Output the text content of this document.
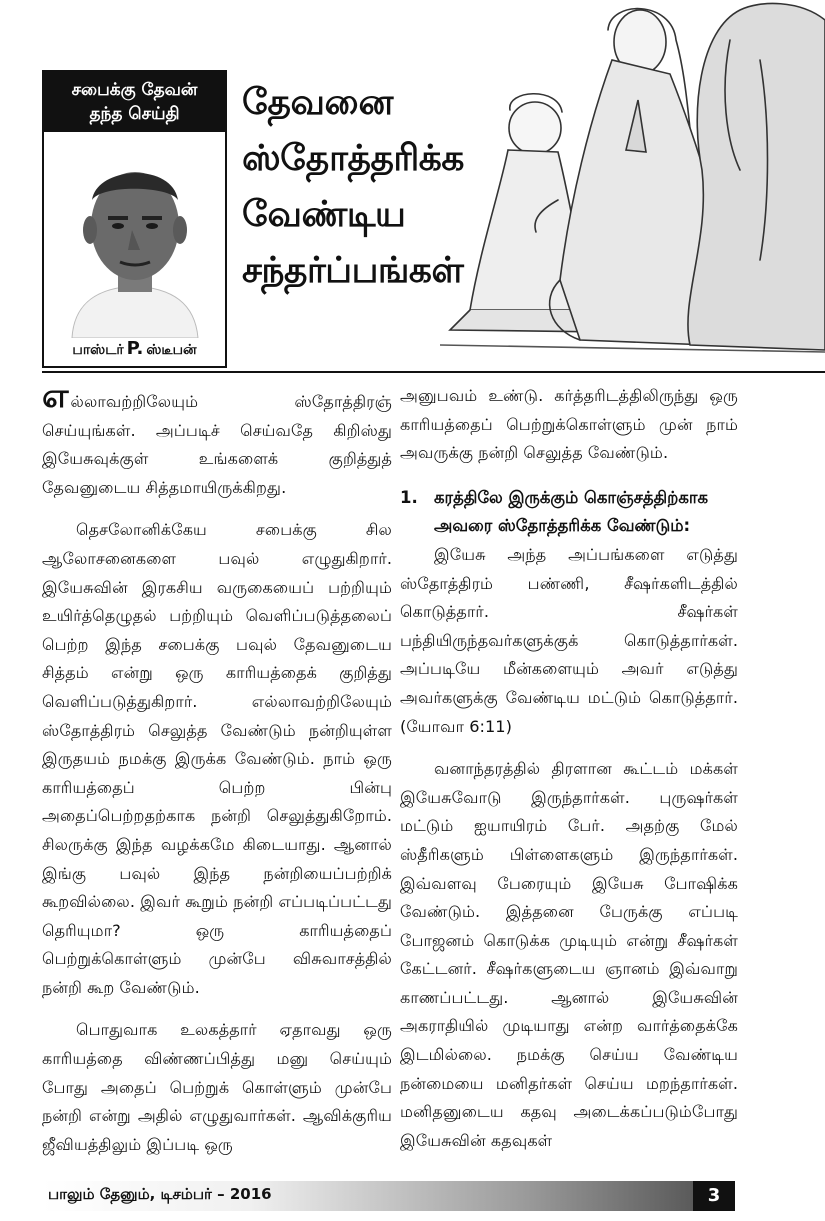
சபைக்கு தேவன்
தந்த செய்தி
பாஸ்டர் P. ஸ்டீபன்
தேவனை
ஸ்தோத்தரிக்க
வேண்டிய
சந்தர்ப்பங்கள்

எல்லாவற்றிலேயும் ஸ்தோத்திரஞ் செய்யுங்கள். அப்படிச் செய்வதே கிறிஸ்து இயேசுவுக்குள் உங்களைக் குறித்துத் தேவனுடைய சித்தமாயிருக்கிறது.

தெசலோனிக்கேய சபைக்கு சில ஆலோசனைகளை பவுல் எழுதுகிறார். இயேசுவின் இரகசிய வருகையைப் பற்றியும் உயிர்த்தெழுதல் பற்றியும் வெளிப்படுத்தலைப் பெற்ற இந்த சபைக்கு பவுல் தேவனுடைய சித்தம் என்று ஒரு காரியத்தைக் குறித்து வெளிப்படுத்துகிறார். எல்லாவற்றிலேயும் ஸ்தோத்திரம் செலுத்த வேண்டும் நன்றியுள்ள இருதயம் நமக்கு இருக்க வேண்டும். நாம் ஒரு காரியத்தைப் பெற்ற பின்பு அதைப்பெற்றதற்காக நன்றி செலுத்துகிறோம். சிலருக்கு இந்த வழக்கமே கிடையாது. ஆனால் இங்கு பவுல் இந்த நன்றியைப்பற்றிக் கூறவில்லை. இவர் கூறும் நன்றி எப்படிப்பட்டது தெரியுமா? ஒரு காரியத்தைப் பெற்றுக்கொள்ளும் முன்பே விசுவாசத்தில் நன்றி கூற வேண்டும்.

பொதுவாக உலகத்தார் ஏதாவது ஒரு காரியத்தை விண்ணப்பித்து மனு செய்யும் போது அதைப் பெற்றுக் கொள்ளும் முன்பே நன்றி என்று அதில் எழுதுவார்கள். ஆவிக்குரிய ஜீவியத்திலும் இப்படி ஒரு

அனுபவம் உண்டு. கர்த்தரிடத்திலிருந்து ஒரு காரியத்தைப் பெற்றுக்கொள்ளும் முன் நாம் அவருக்கு நன்றி செலுத்த வேண்டும்.

1. கரத்திலே இருக்கும் கொஞ்சத்திற்காக அவரை ஸ்தோத்தரிக்க வேண்டும்:

இயேசு அந்த அப்பங்களை எடுத்து ஸ்தோத்திரம் பண்ணி, சீஷர்களிடத்தில் கொடுத்தார். சீஷர்கள் பந்தியிருந்தவர்களுக்குக் கொடுத்தார்கள். அப்படியே மீன்களையும் அவர் எடுத்து அவர்களுக்கு வேண்டிய மட்டும் கொடுத்தார். (யோவா 6:11)

வனாந்தரத்தில் திரளான கூட்டம் மக்கள் இயேசுவோடு இருந்தார்கள். புருஷர்கள் மட்டும் ஐயாயிரம் பேர். அதற்கு மேல் ஸ்தீரிகளும் பிள்ளைகளும் இருந்தார்கள். இவ்வளவு பேரையும் இயேசு போஷிக்க வேண்டும். இத்தனை பேருக்கு எப்படி போஜனம் கொடுக்க முடியும் என்று சீஷர்கள் கேட்டனர். சீஷர்களுடைய ஞானம் இவ்வாறு காணப்பட்டது. ஆனால் இயேசுவின் அகராதியில் முடியாது என்ற வார்த்தைக்கே இடமில்லை. நமக்கு செய்ய வேண்டிய நன்மையை மனிதர்கள் செய்ய மறந்தார்கள். மனிதனுடைய கதவு அடைக்கப்படும்போது இயேசுவின் கதவுகள்

பாலும் தேனும், டிசம்பர் – 2016	3
